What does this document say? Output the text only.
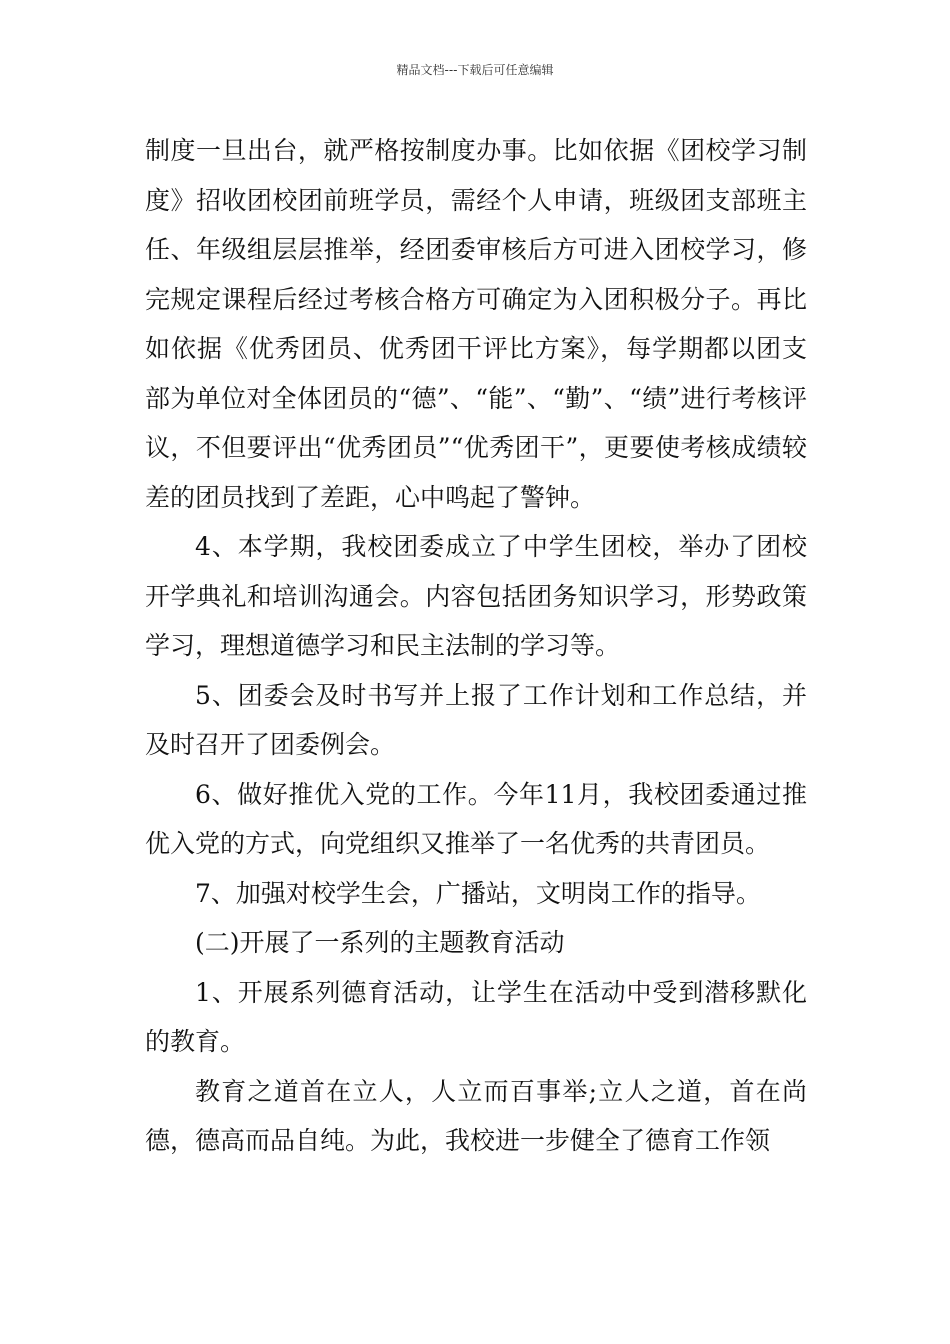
精品文档---下载后可任意编辑

制度一旦出台，就严格按制度办事。比如依据《团校学习制度》招收团校团前班学员，需经个人申请，班级团支部班主任、年级组层层推举，经团委审核后方可进入团校学习，修完规定课程后经过考核合格方可确定为入团积极分子。再比如依据《优秀团员、优秀团干评比方案》，每学期都以团支部为单位对全体团员的“德”、“能”、“勤”、“绩”进行考核评议，不但要评出“优秀团员”“优秀团干”，更要使考核成绩较差的团员找到了差距，心中鸣起了警钟。

4、本学期，我校团委成立了中学生团校，举办了团校开学典礼和培训沟通会。内容包括团务知识学习，形势政策学习，理想道德学习和民主法制的学习等。

5、团委会及时书写并上报了工作计划和工作总结，并及时召开了团委例会。

6、做好推优入党的工作。今年11月，我校团委通过推优入党的方式，向党组织又推举了一名优秀的共青团员。

7、加强对校学生会，广播站，文明岗工作的指导。

(二)开展了一系列的主题教育活动

1、开展系列德育活动，让学生在活动中受到潜移默化的教育。

教育之道首在立人，人立而百事举;立人之道，首在尚德，德高而品自纯。为此，我校进一步健全了德育工作领
